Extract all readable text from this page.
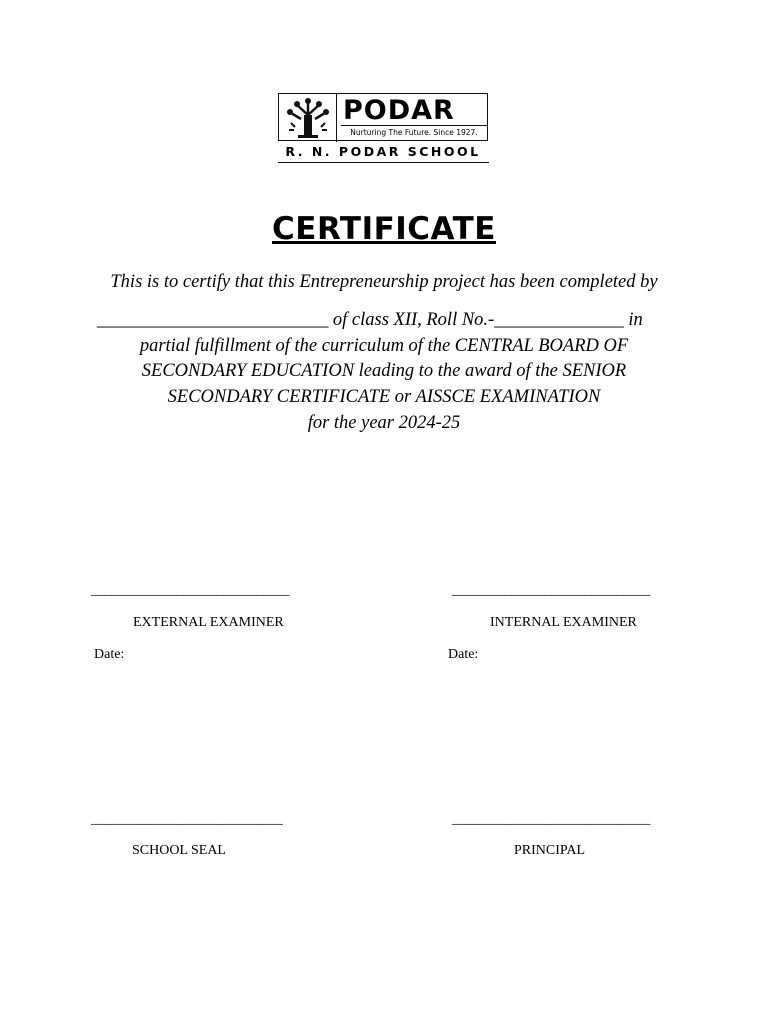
PODAR
Nurturing The Future. Since 1927.
R. N. PODAR SCHOOL
CERTIFICATE
This is to certify that this Entrepreneurship project has been completed by
_________________________ of class XII, Roll No.-______________ in
partial fulfillment of the curriculum of the CENTRAL BOARD OF
SECONDARY EDUCATION leading to the award of the SENIOR
SECONDARY CERTIFICATE or AISSCE EXAMINATION
for the year 2024-25
______________________________	______________________________
EXTERNAL EXAMINER	INTERNAL EXAMINER
Date:	Date:
_____________________________	______________________________
SCHOOL SEAL	PRINCIPAL
